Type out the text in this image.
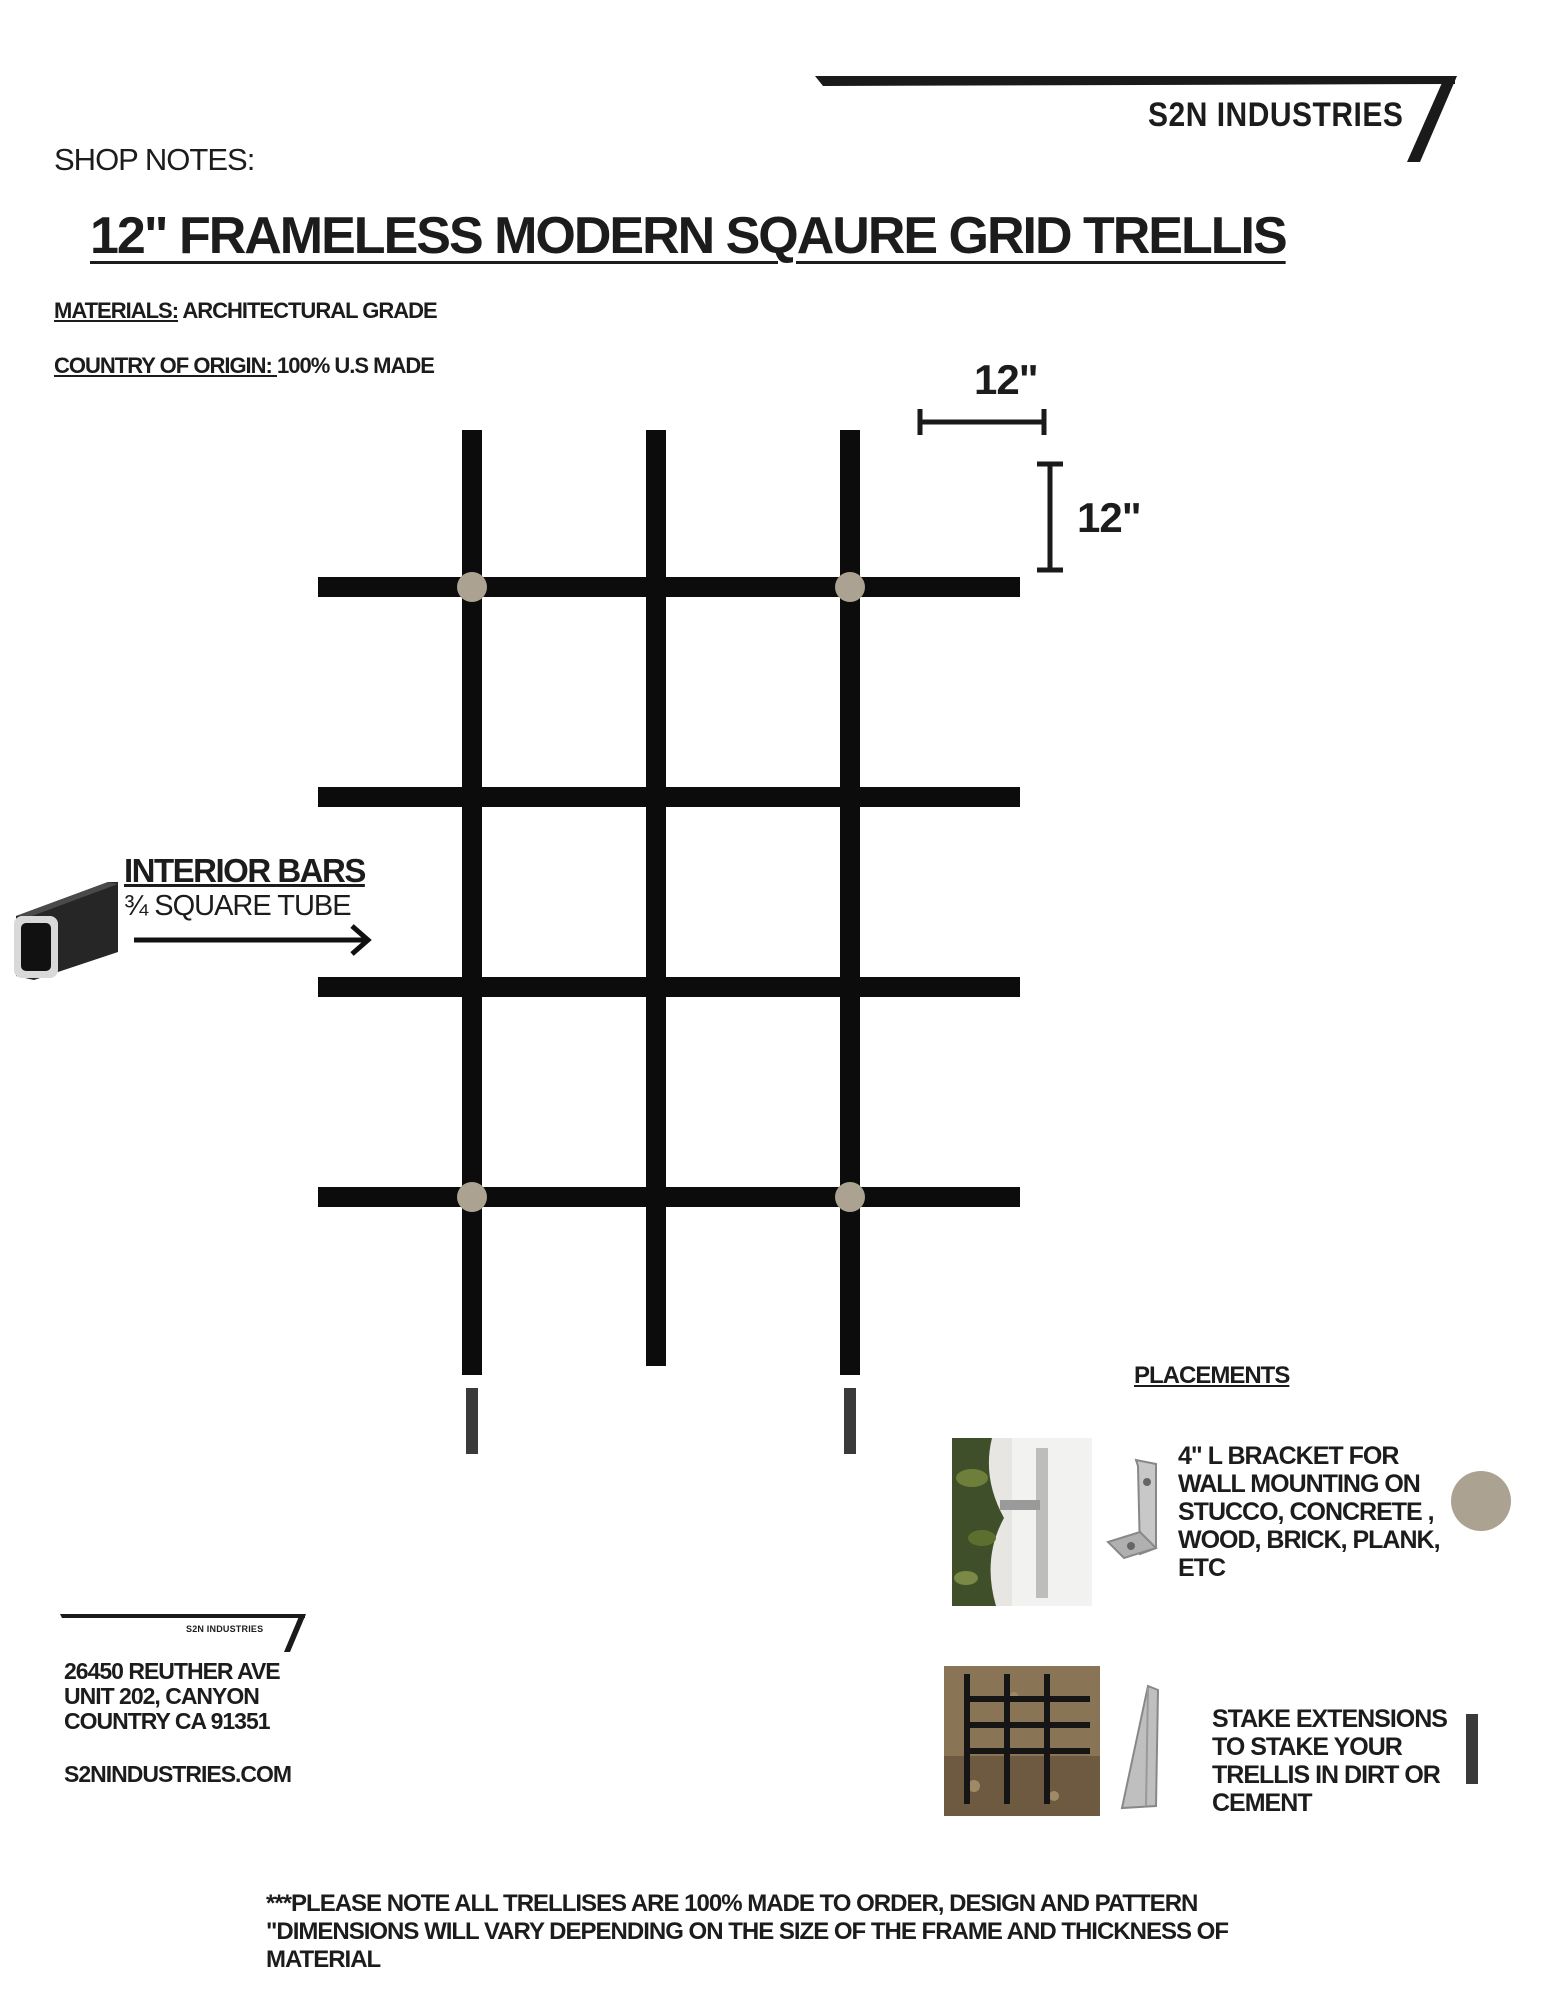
S2N INDUSTRIES
SHOP NOTES:
12" FRAMELESS MODERN SQAURE GRID TRELLIS
MATERIALS: ARCHITECTURAL GRADE
COUNTRY OF ORIGIN: 100% U.S MADE	12"
12"
INTERIOR BARS
¾ SQUARE TUBE
PLACEMENTS
4" L BRACKET FOR WALL MOUNTING ON STUCCO, CONCRETE , WOOD, BRICK, PLANK, ETC
STAKE EXTENSIONS TO STAKE YOUR TRELLIS IN DIRT OR CEMENT
S2N INDUSTRIES
26450 REUTHER AVE
UNIT 202, CANYON
COUNTRY CA 91351
S2NINDUSTRIES.COM
***PLEASE NOTE ALL TRELLISES ARE 100% MADE TO ORDER, DESIGN AND PATTERN
"DIMENSIONS WILL VARY DEPENDING ON THE SIZE OF THE FRAME AND THICKNESS OF
MATERIAL
